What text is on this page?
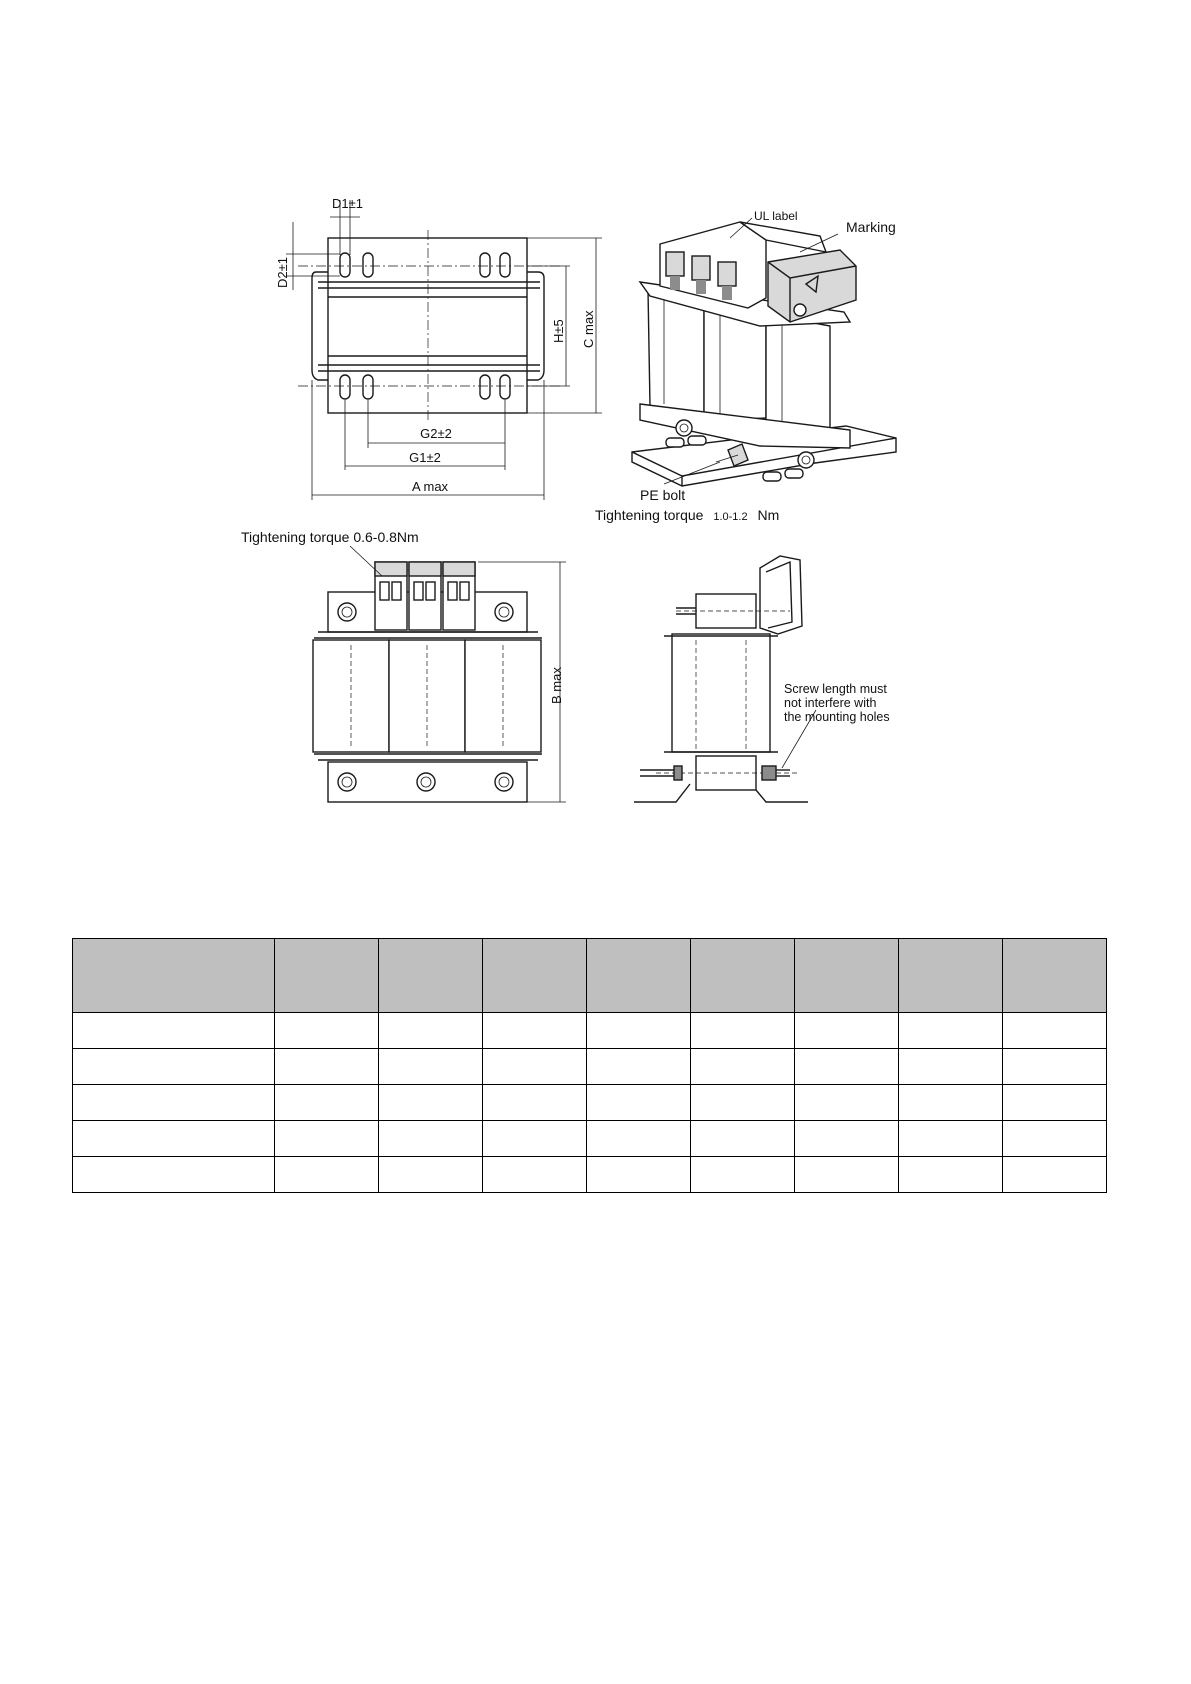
D1±1
D2±1
H±5 C max
G2±2
G1±2
A max
UL label
Marking
PE bolt
Tightening torque 1.0-1.2 Nm
B max
Tightening torque 0.6-0.8Nm
Screw length must
not interfere with
the mounting holes
